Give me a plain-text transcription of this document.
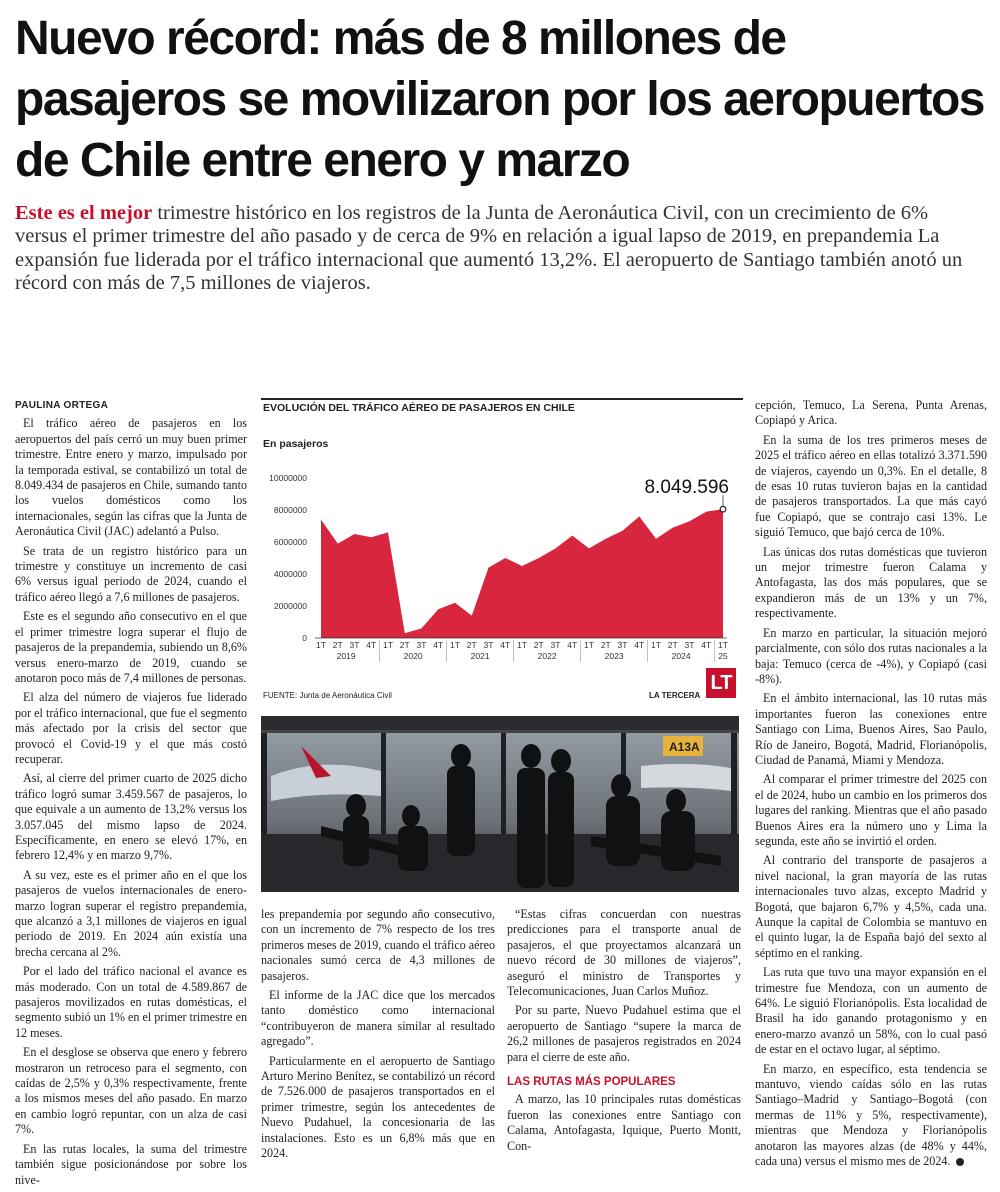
Nuevo récord: más de 8 millones de pasajeros se movilizaron por los aeropuertos de Chile entre enero y marzo

Este es el mejor trimestre histórico en los registros de la Junta de Aeronáutica Civil, con un crecimiento de 6% versus el primer trimestre del año pasado y de cerca de 9% en relación a igual lapso de 2019, en prepandemia La expansión fue liderada por el tráfico internacional que aumentó 13,2%. El aeropuerto de Santiago también anotó un récord con más de 7,5 millones de viajeros.

PAULINA ORTEGA

El tráfico aéreo de pasajeros en los aeropuertos del país cerró un muy buen primer trimestre. Entre enero y marzo, impulsado por la temporada estival, se contabilizó un total de 8.049.434 de pasajeros en Chile, sumando tanto los vuelos domésticos como los internacionales, según las cifras que la Junta de Aeronáutica Civil (JAC) adelantó a Pulso.

Se trata de un registro histórico para un trimestre y constituye un incremento de casi 6% versus igual periodo de 2024, cuando el tráfico aéreo llegó a 7,6 millones de pasajeros.

Este es el segundo año consecutivo en el que el primer trimestre logra superar el flujo de pasajeros de la prepandemia, subiendo un 8,6% versus enero-marzo de 2019, cuando se anotaron poco más de 7,4 millones de personas.

El alza del número de viajeros fue liderado por el tráfico internacional, que fue el segmento más afectado por la crisis del sector que provocó el Covid-19 y el que más costó recuperar.

Así, al cierre del primer cuarto de 2025 dicho tráfico logró sumar 3.459.567 de pasajeros, lo que equivale a un aumento de 13,2% versus los 3.057.045 del mismo lapso de 2024. Específicamente, en enero se elevó 17%, en febrero 12,4% y en marzo 9,7%.

A su vez, este es el primer año en el que los pasajeros de vuelos internacionales de enero-marzo logran superar el registro prepandemia, que alcanzó a 3,1 millones de viajeros en igual periodo de 2019. En 2024 aún existía una brecha cercana al 2%.

Por el lado del tráfico nacional el avance es más moderado. Con un total de 4.589.867 de pasajeros movilizados en rutas domésticas, el segmento subió un 1% en el primer trimestre en 12 meses.

En el desglose se observa que enero y febrero mostraron un retroceso para el segmento, con caídas de 2,5% y 0,3% respectivamente, frente a los mismos meses del año pasado. En marzo en cambio logró repuntar, con un alza de casi 7%.

En las rutas locales, la suma del trimestre también sigue posicionándose por sobre los nive-

EVOLUCIÓN DEL TRÁFICO AÉREO DE PASAJEROS EN CHILE
En pasajeros
0
2000000
4000000
6000000
8000000
10000000
1T 2T 3T 4T 1T 2T 3T 4T 1T 2T 3T 4T 1T 2T 3T 4T 1T 2T 3T 4T 1T 2T 3T 4T 1T
2019	2020	2021	2022	2023	2024	25
8.049.596
LT
FUENTE: Junta de Aeronáutica Civil	LA TERCERA
A13A

les prepandemia por segundo año consecutivo, con un incremento de 7% respecto de los tres primeros meses de 2019, cuando el tráfico aéreo nacionales sumó cerca de 4,3 millones de pasajeros.

El informe de la JAC dice que los mercados tanto doméstico como internacional “contribuyeron de manera similar al resultado agregado”.

Particularmente en el aeropuerto de Santiago Arturo Merino Benítez, se contabilizó un récord de 7.526.000 de pasajeros transportados en el primer trimestre, según los antecedentes de Nuevo Pudahuel, la concesionaria de las instalaciones. Esto es un 6,8% más que en 2024.

“Estas cifras concuerdan con nuestras predicciones para el transporte anual de pasajeros, el que proyectamos alcanzará un nuevo récord de 30 millones de viajeros”, aseguró el ministro de Transportes y Telecomunicaciones, Juan Carlos Muñoz.

Por su parte, Nuevo Pudahuel estima que el aeropuerto de Santiago “supere la marca de 26,2 millones de pasajeros registrados en 2024 para el cierre de este año.

LAS RUTAS MÁS POPULARES

A marzo, las 10 principales rutas domésticas fueron las conexiones entre Santiago con Calama, Antofagasta, Iquique, Puerto Montt, Con-

cepción, Temuco, La Serena, Punta Arenas, Copiapó y Arica.

En la suma de los tres primeros meses de 2025 el tráfico aéreo en ellas totalizó 3.371.590 de viajeros, cayendo un 0,3%. En el detalle, 8 de esas 10 rutas tuvieron bajas en la cantidad de pasajeros transportados. La que más cayó fue Copiapó, que se contrajo casi 13%. Le siguió Temuco, que bajó cerca de 10%.

Las únicas dos rutas domésticas que tuvieron un mejor trimestre fueron Calama y Antofagasta, las dos más populares, que se expandieron más de un 13% y un 7%, respectivamente.

En marzo en particular, la situación mejoró parcialmente, con sólo dos rutas nacionales a la baja: Temuco (cerca de -4%), y Copiapó (casi -8%).

En el ámbito internacional, las 10 rutas más importantes fueron las conexiones entre Santiago con Lima, Buenos Aires, Sao Paulo, Río de Janeiro, Bogotá, Madrid, Florianópolis, Ciudad de Panamá, Miami y Mendoza.

Al comparar el primer trimestre del 2025 con el de 2024, hubo un cambio en los primeros dos lugares del ranking. Mientras que el año pasado Buenos Aires era la número uno y Lima la segunda, este año se invirtió el orden.

Al contrario del transporte de pasajeros a nivel nacional, la gran mayoría de las rutas internacionales tuvo alzas, excepto Madrid y Bogotá, que bajaron 6,7% y 4,5%, cada una. Aunque la capital de Colombia se mantuvo en el quinto lugar, la de España bajó del sexto al séptimo en el ranking.

Las ruta que tuvo una mayor expansión en el trimestre fue Mendoza, con un aumento de 64%. Le siguió Florianópolis. Esta localidad de Brasil ha ido ganando protagonismo y en enero-marzo avanzó un 58%, con lo cual pasó de estar en el octavo lugar, al séptimo.

En marzo, en específico, esta tendencia se mantuvo, viendo caídas sólo en las rutas Santiago–Madrid y Santiago–Bogotá (con mermas de 11% y 5%, respectivamente), mientras que Mendoza y Florianópolis anotaron las mayores alzas (de 48% y 44%, cada una) versus el mismo mes de 2024.
